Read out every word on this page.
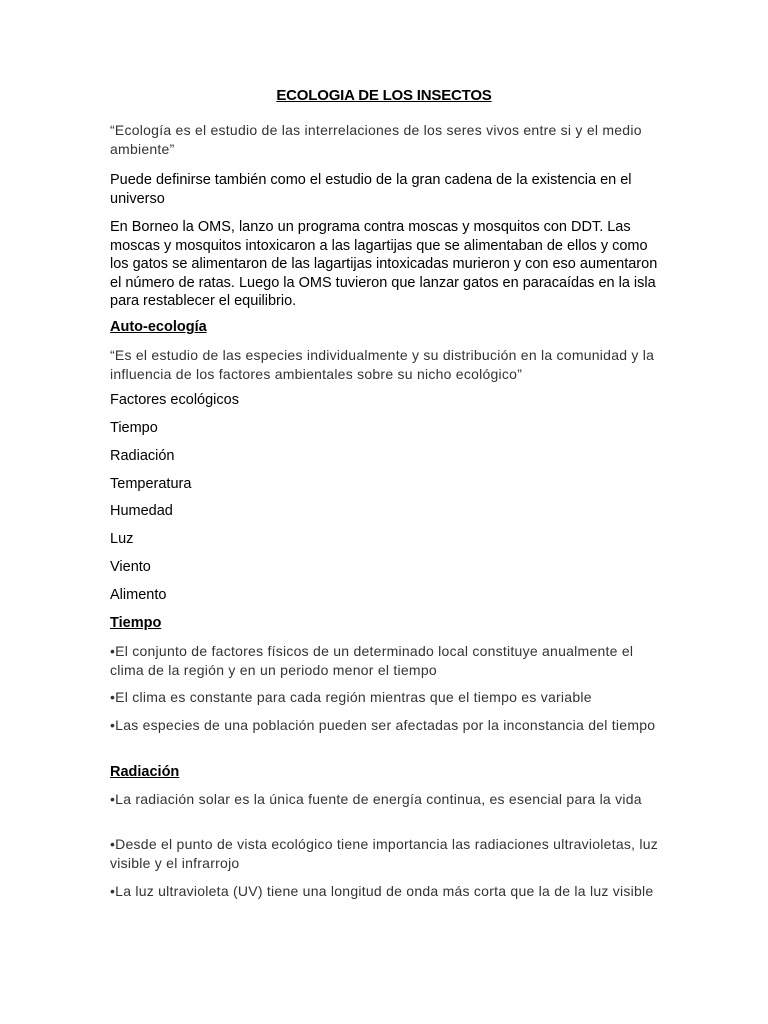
ECOLOGIA DE LOS INSECTOS
“Ecología es el estudio de las interrelaciones de los seres vivos entre si y el medio ambiente”
Puede definirse también como el estudio de la gran cadena de la existencia en el universo
En Borneo la OMS, lanzo un programa contra moscas y mosquitos con DDT. Las moscas y mosquitos intoxicaron a las lagartijas que se alimentaban de ellos y como los gatos se alimentaron de las lagartijas intoxicadas murieron y con eso aumentaron el número de ratas. Luego la OMS tuvieron que lanzar gatos en paracaídas en la isla para restablecer el equilibrio.
Auto-ecología
“Es el estudio de las especies individualmente y su distribución en la comunidad y la influencia de los factores ambientales sobre su nicho ecológico”
Factores ecológicos
Tiempo
Radiación
Temperatura
Humedad
Luz
Viento
Alimento
Tiempo
•El conjunto de factores físicos de un determinado local constituye anualmente el clima de la región y en un periodo menor el tiempo
•El clima es constante para cada región mientras que el tiempo es variable
•Las especies de una población pueden ser afectadas por la inconstancia del tiempo
Radiación
•La radiación solar es la única fuente de energía continua, es esencial para la vida
•Desde el punto de vista ecológico tiene importancia las radiaciones ultravioletas, luz visible y el infrarrojo
•La luz ultravioleta (UV) tiene una longitud de onda más corta que la de la luz visible
